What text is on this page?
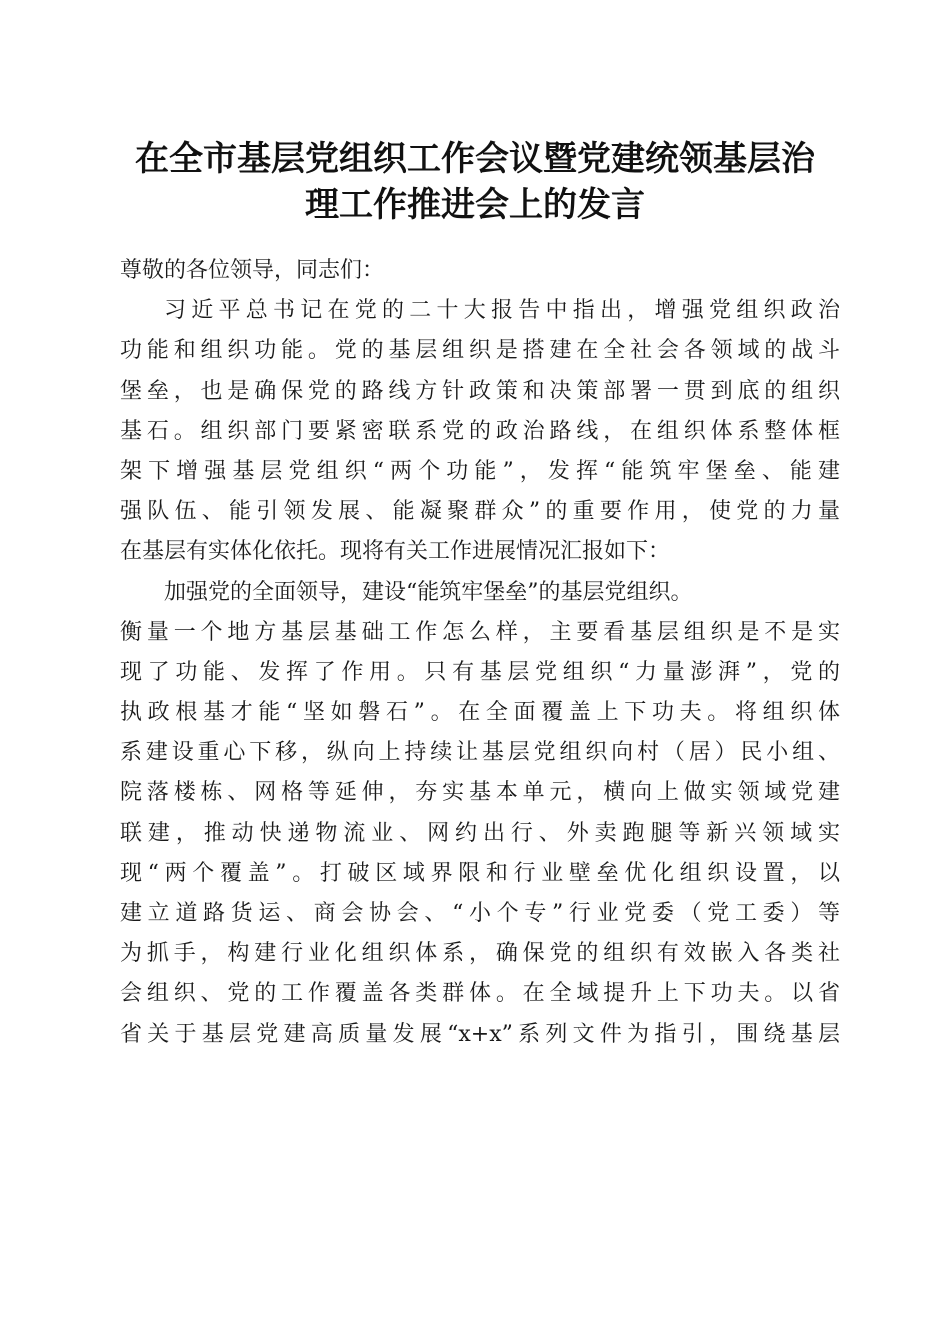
在全市基层党组织工作会议暨党建统领基层治
理工作推进会上的发言
尊敬的各位领导，同志们：
习近平总书记在党的二十大报告中指出，增强党组织政治
功能和组织功能。党的基层组织是搭建在全社会各领域的战斗
堡垒，也是确保党的路线方针政策和决策部署一贯到底的组织
基石。组织部门要紧密联系党的政治路线，在组织体系整体框
架下增强基层党组织“两个功能”，发挥“能筑牢堡垒、能建
强队伍、能引领发展、能凝聚群众”的重要作用，使党的力量
在基层有实体化依托。现将有关工作进展情况汇报如下：
加强党的全面领导，建设“能筑牢堡垒”的基层党组织。
衡量一个地方基层基础工作怎么样，主要看基层组织是不是实
现了功能、发挥了作用。只有基层党组织“力量澎湃”，党的
执政根基才能“坚如磐石”。在全面覆盖上下功夫。将组织体
系建设重心下移，纵向上持续让基层党组织向村（居）民小组、
院落楼栋、网格等延伸，夯实基本单元，横向上做实领域党建
联建，推动快递物流业、网约出行、外卖跑腿等新兴领域实
现“两个覆盖”。打破区域界限和行业壁垒优化组织设置，以
建立道路货运、商会协会、“小个专”行业党委（党工委）等
为抓手，构建行业化组织体系，确保党的组织有效嵌入各类社
会组织、党的工作覆盖各类群体。在全域提升上下功夫。以省
省关于基层党建高质量发展“x+x”系列文件为指引，围绕基层
